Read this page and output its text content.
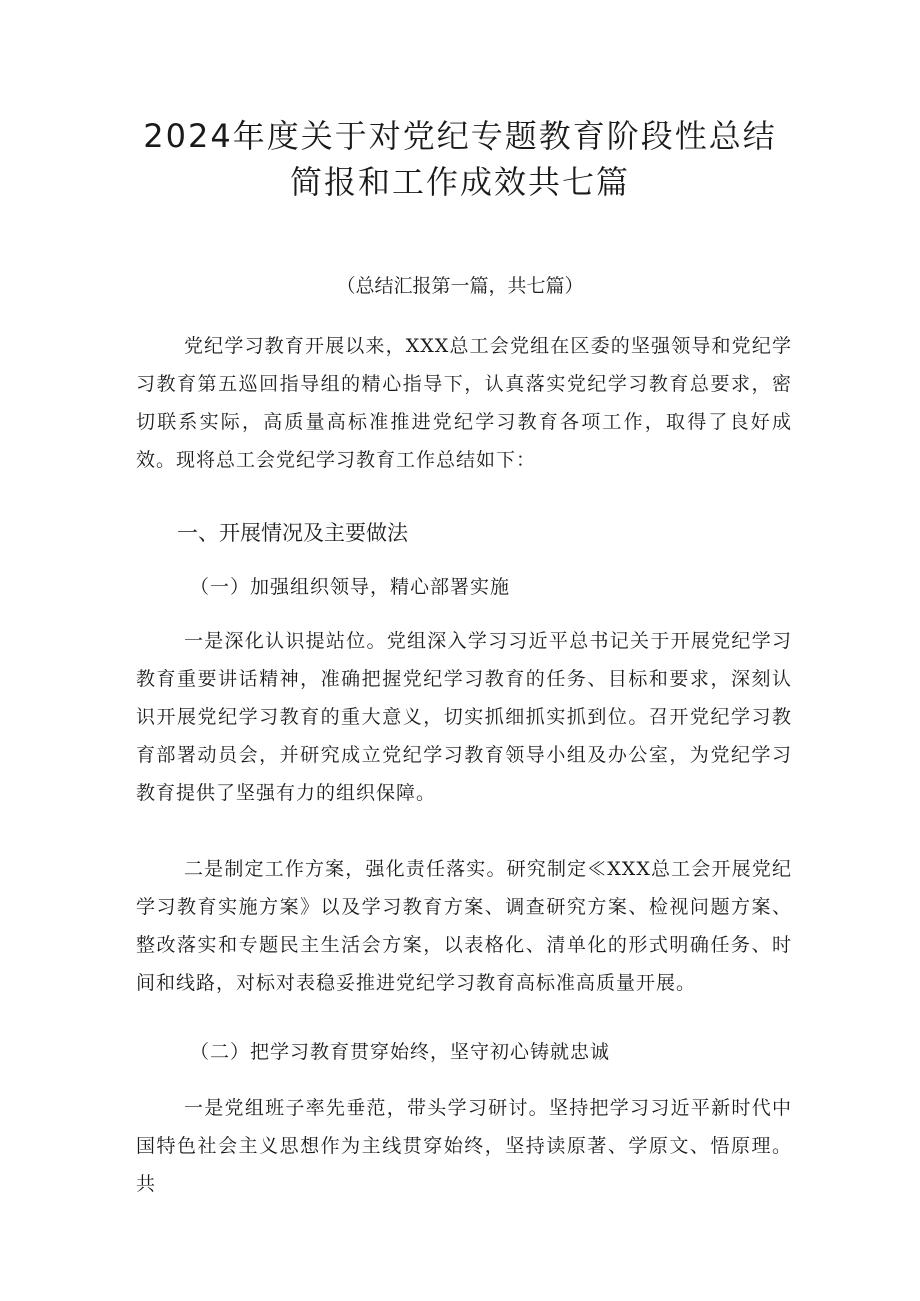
2024年度关于对党纪专题教育阶段性总结
简报和工作成效共七篇

（总结汇报第一篇，共七篇）

党纪学习教育开展以来，XXX总工会党组在区委的坚强领导和党纪学习教育第五巡回指导组的精心指导下，认真落实党纪学习教育总要求，密切联系实际，高质量高标准推进党纪学习教育各项工作，取得了良好成效。现将总工会党纪学习教育工作总结如下：

一、开展情况及主要做法
（一）加强组织领导，精心部署实施

一是深化认识提站位。党组深入学习习近平总书记关于开展党纪学习教育重要讲话精神，准确把握党纪学习教育的任务、目标和要求，深刻认识开展党纪学习教育的重大意义，切实抓细抓实抓到位。召开党纪学习教育部署动员会，并研究成立党纪学习教育领导小组及办公室，为党纪学习教育提供了坚强有力的组织保障。

二是制定工作方案，强化责任落实。研究制定≪XXX总工会开展党纪学习教育实施方案》以及学习教育方案、调查研究方案、检视问题方案、整改落实和专题民主生活会方案，以表格化、清单化的形式明确任务、时间和线路，对标对表稳妥推进党纪学习教育高标准高质量开展。

（二）把学习教育贯穿始终，坚守初心铸就忠诚

一是党组班子率先垂范，带头学习研讨。坚持把学习习近平新时代中国特色社会主义思想作为主线贯穿始终，坚持读原著、学原文、悟原理。共
